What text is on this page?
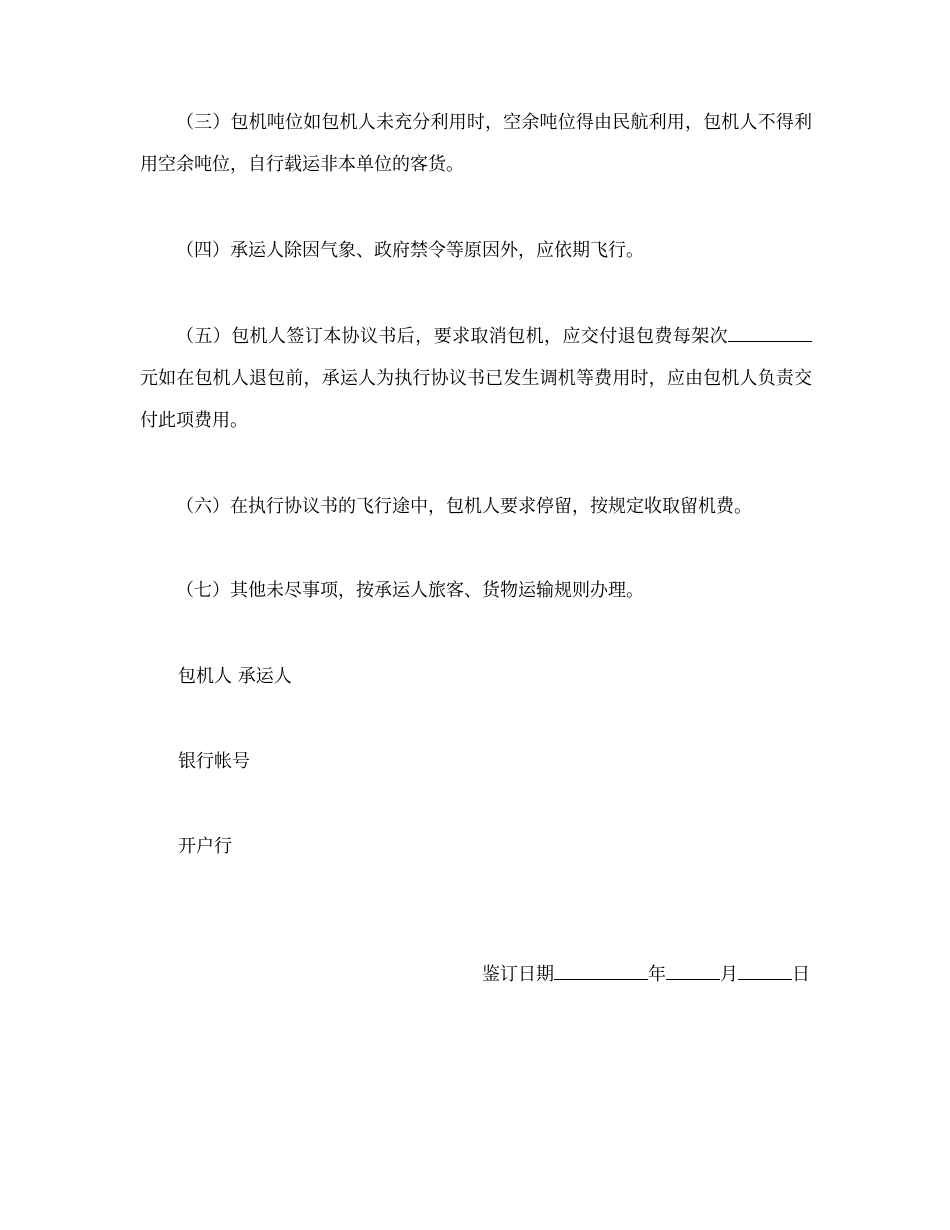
（三）包机吨位如包机人未充分利用时，空余吨位得由民航利用，包机人不得利用空余吨位，自行载运非本单位的客货。

（四）承运人除因气象、政府禁令等原因外，应依期飞行。

（五）包机人签订本协议书后，要求取消包机，应交付退包费每架次元如在包机人退包前，承运人为执行协议书已发生调机等费用时，应由包机人负责交付此项费用。

（六）在执行协议书的飞行途中，包机人要求停留，按规定收取留机费。

（七）其他未尽事项，按承运人旅客、货物运输规则办理。

包机人 承运人

银行帐号

开户行

鉴订日期	年	月	日
